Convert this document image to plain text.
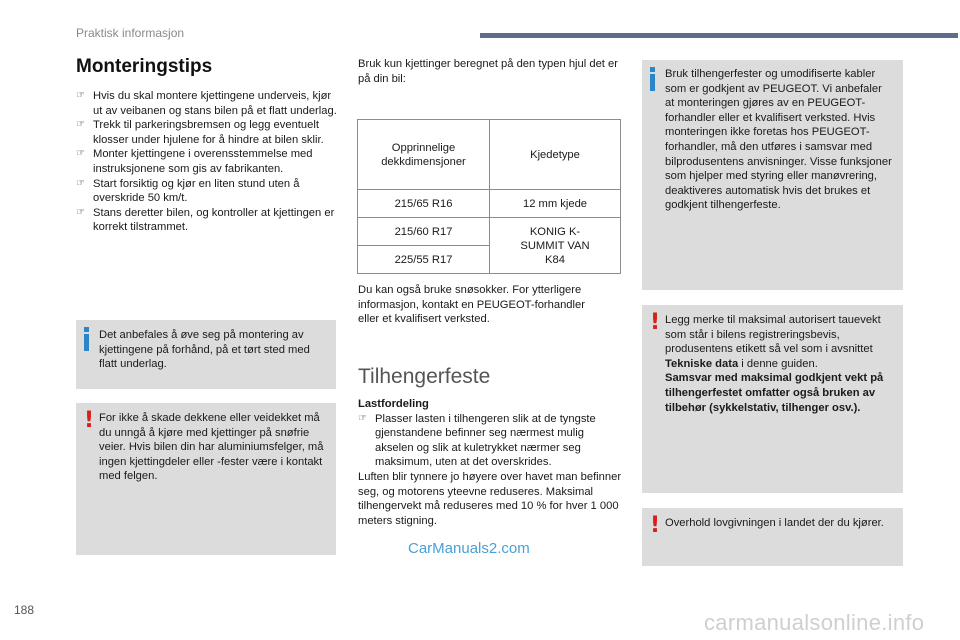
Praktisk informasjon
Monteringstips
☞ Hvis du skal montere kjettingene underveis, kjør ut av veibanen og stans bilen på et flatt underlag.
☞ Trekk til parkeringsbremsen og legg eventuelt klosser under hjulene for å hindre at bilen sklir.
☞ Monter kjettingene i overensstemmelse med instruksjonene som gis av fabrikanten.
☞ Start forsiktig og kjør en liten stund uten å overskride 50 km/t.
☞ Stans deretter bilen, og kontroller at kjettingen er korrekt tilstrammet.
Det anbefales å øve seg på montering av kjettingene på forhånd, på et tørt sted med flatt underlag.
! For ikke å skade dekkene eller veidekket må du unngå å kjøre med kjettinger på snøfrie veier. Hvis bilen din har aluminiumsfelger, må ingen kjettingdeler eller -fester være i kontakt med felgen.
Bruk kun kjettinger beregnet på den typen hjul det er på din bil:
Opprinnelige dekkdimensjoner	Kjedetype
215/65 R16	12 mm kjede
215/60 R17	KONIG K-SUMMIT VAN K84
225/55 R17	
Du kan også bruke snøsokker. For ytterligere informasjon, kontakt en PEUGEOT-forhandler eller et kvalifisert verksted.
Tilhengerfeste
Lastfordeling
☞ Plasser lasten i tilhengeren slik at de tyngste gjenstandene befinner seg nærmest mulig akselen og slik at kuletrykket nærmer seg maksimum, uten at det overskrides.
Luften blir tynnere jo høyere over havet man befinner seg, og motorens yteevne reduseres. Maksimal tilhengervekt må reduseres med 10 % for hver 1 000 meters stigning.
Bruk tilhengerfester og umodifiserte kabler som er godkjent av PEUGEOT. Vi anbefaler at monteringen gjøres av en PEUGEOT-forhandler eller et kvalifisert verksted. Hvis monteringen ikke foretas hos PEUGEOT-forhandler, må den utføres i samsvar med bilprodusentens anvisninger. Visse funksjoner som hjelper med styring eller manøvrering, deaktiveres automatisk hvis det brukes et godkjent tilhengerfeste.
! Legg merke til maksimal autorisert tauevekt som står i bilens registreringsbevis, produsentens etikett så vel som i avsnittet Tekniske data i denne guiden.
Samsvar med maksimal godkjent vekt på tilhengerfestet omfatter også bruken av tilbehør (sykkelstativ, tilhenger osv.).
! Overhold lovgivningen i landet der du kjører.
188
CarManuals2.com
carmanualsonline.info
